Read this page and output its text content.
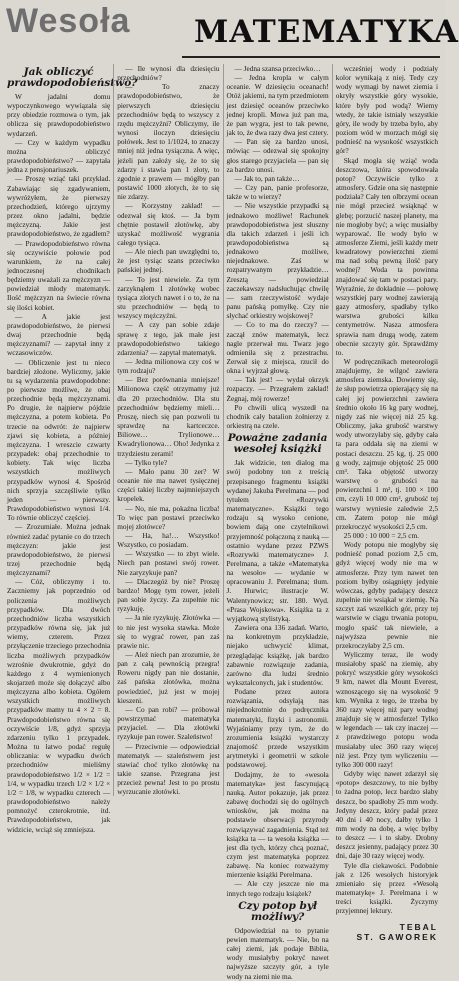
Wesoła MATEMATYKA
Jak obliczyć prawdopodobieństwo?

W jadalni domu wypoczynkowego wywiązała się przy obiedzie rozmowa o tym, jak oblicza się prawdopodobieństwo wydarzeń.

— Czy w każdym wypadku można obliczyć prawdopodobieństwo? — zapytała jedna z pensjonariuszek.

— Proszę wziąć taki przykład. Zabawiając się zgadywaniem, wywróżyłem, że pierwszy przechodzień, którego ujrzymy przez okno jadalni, będzie mężczyzną. Jakie jest prawdopodobieństwo, że zgadłem?

— Prawdopodobieństwo równa się oczywiście połowie pod warunkiem, że na całej jednoczesnej chodnikach będziemy uważali za mężczyzn — powiedział młody matematyk. Ilość mężczyzn na świecie równa się ilości kobiet.

— A jakie jest prawdopodobieństwo, że pierwsi dwaj przechodnie będą mężczyznami? — zapytał inny z wczasowiczów.

— Obliczenie jest tu nieco bardziej złożone. Wyliczmy, jakie tu są wydarzenia prawdopodobne: po pierwsze możliwe, że obaj przechodnie będą mężczyznami. Po drugie, że najpierw pójdzie mężczyzna, a potem kobieta. Po trzecie na odwrót: że najpierw zjawi się kobieta, a później mężczyzna. I wreszcie czwarty przypadek: obaj przechodnie to kobiety. Tak więc liczba wszystkich możliwych przypadków wynosi 4. Spośród nich sprzyja szczęśliwie tylko jeden — pierwszy. Prawdopodobieństwo wynosi 1/4. To równie obliczyć częściej.

— Zrozumiałe. Można jednak również zadać pytanie co do trzech mężczyzn: jakie jest prawdopodobieństwo, że pierwsi trzej przechodnie będą mężczyznami?

— Cóż, obliczymy i to. Zaczniemy jak poprzednio od policzenia możliwych przypadków. Dla dwóch przechodniów liczba wszystkich przypadków równa się, jak już wiemy, czterem. Przez przyłączenie trzeciego przechodnia liczba możliwych przypadków wzrośnie dwukrotnie, gdyż do każdego z 4 wymienionych skojarzeń może się dołączyć albo mężczyzna albo kobieta. Ogółem wszystkich możliwych przypadków mamy tu 4 × 2 = 8. Prawdopodobieństwo równa się oczywiście 1/8, gdyż sprzyja zdarzeniu tylko 1 przypadek. Można tu łatwo podać regułę obliczania: w wypadku dwóch przechodniów mieliśmy prawdopodobieństwo 1/2 × 1/2 = 1/4, w wypadku trzech 1/2 × 1/2 × 1/2 = 1/8, w wypadku czterech — prawdopodobieństwo należy pomnożyć czterokrotnie, itd. Prawdopodobieństwo, jak widzicie, wciąż się zmniejsza.

— Ile wynosi dla dziesięciu przechodniów?

— To znaczy prawdopodobieństwo, że pierwszych dziesięciu przechodniów będą to wszyscy z rzędu mężczyźni? Obliczymy, ile wynosi iloczyn dziesięciu połówek. Jest to 1/1024, to znaczy mniej niż jedna tysiączna. A więc, jeżeli pan założy się, że to się zdarzy i stawia pan 1 złoty, to zgodnie z prawem — mógłby pan postawić 1000 złotych, że to się nie zdarzy.

— Korzystny zakład! — odezwał się ktoś. — Ja bym chętnie postawił złotówkę, aby uzyskać możliwość wygrania całego tysiąca.

— Ale niech pan uwzględni to, że jest tysiąc szans przeciwko pańskiej jednej.

— To jest niewiele. Za tym zarzyknąłem 1 złotówkę wobec tysiąca złotych nawet i o to, że na stu przechodniów — będą to wszyscy mężczyźni.

— A czy pan sobie zdaje sprawę z tego, jak małe jest prawdopodobieństwo takiego zdarzenia? — zapytał matematyk.

— Jedna milionowa czy coś w tym rodzaju?

— Bez porównania mniejsze! Milionowa część otrzymamy już dla 20 przechodniów. Dla stu przechodniów będziemy mieli… Proszę, niech się pan pozwoli tu sprawdzę na kartceczce. Biliowe… Trylionowe… Kwadrylionowa… Oho! Jedynka z trzydziestu zerami!

— Tylko tyle?

— Mało panu 30 zer? W oceanie nie ma nawet tysięcznej części takiej liczby najmniejszych kropelek.

— No, nie ma, pokaźna liczba! To więc pan postawi przeciwko mojej złotówce?

— Ha, ha!… Wszystko! Wszystko, co posiadam.

— Wszystko — to zbyt wiele. Niech pan postawi swój rower. Nie zaryzykuje pan?

— Dlaczegóż by nie? Proszę bardzo! Mogę tym rower, jeżeli pan sobie życzy. Za zupełnie nic ryzykuję.

— Ja nie ryzykuję. Złotówka — to nie jest wysoka stawka. Może się to wygrać rower, pan zaś prawie nic.

— Ależ niech pan zrozumie, że pan z całą pewnością przegra! Roweru nigdy pan nie dostanie, zaś pańska złotówka, można powiedzieć, już jest w mojej kieszeni.

— Co pan robi? — próbował powstrzymać matematyka przyjaciel. — Dla złotówki ryzykuje pan rower. Szaleństwo!

— Przeciwnie — odpowiedział matematyk — szaleństwem jest stawiać choć tylko złotówkę na takie szanse. Przegrana jest przecież pewna! Jest to po prostu wyrzucanie złotówki.

— Jedna szansa przeciwko…

— Jedna kropla w całym oceanie. W dziesięciu oceanach! Otóż jakiemi, na tym przedmiotem jest dziesięć oceanów przeciwko jednej kropli. Mowa już pan ma, że pan wygra, jest to tak pewne, jak to, że dwa razy dwa jest cztery.

— Pan się za bardzo unosi, mówiąc — odezwał się spokojny głos starego przyjaciela — pan się za bardzo unosi.

— Jak to, pan także…

— Czy pan, panie profesorze, także w to wierzy?

— Nie wszystkie przypadki są jednakowo możliwe! Rachunek prawdopodobieństwa jest słuszny dla takich zdarzeń i jeśli ich prawdopodobieństwa są jednakowo możliwe, niejednakowe. Zaś w rozpatrywanym przykładzie… Zresztą — powiedział zaczekawszy nadsłuchując chwilę — sam rzeczywistość wydaje panu pańską pomyłkę. Czy nie słychać orkiestry wojskowej?

— Co to ma do rzeczy? — zaczął znów matematyk, lecz nagle przerwał mu. Twarz jego odmieniła się z przestrachu. Zerwał się z miejsca, rzucił do okna i wyjrzał głową.

— Tak jest! — wydał okrzyk rozpaczy. — Przegrałem zakład! Żegnaj, mój rowerze!

Po chwili ulicą wyszedł na chodnik cały batalion żołnierzy z orkiestrą na czele.

Poważne zadania wesołej książki

Jak widzicie, ten dialog ma swój podobny ton z treścią przepisanego fragmentu książki wydanej Jakuba Perelmana — pod tytułem «Rozrywki matematyczne». Książki tego rodzaju są wysoko cenione, bowiem dają one czytelnikowi przyjemność połączoną z nauką — ostatnio wydane przez PZWS «Rozrywki matematyczne» J. Perelmana, a także «Matematyka na wesoło» — wydanie w opracowaniu J. Perelmana; tłum. J. Hurwic; ilustracje W. Walentynowicz; str. 180. Wyd. «Prasa Wojskowa». Książka ta z wyjątkową stylistyką.

Zawiera ona 136 zadań. Warto, na konkretnym przykładzie, niejako uchwycić klimat, przeglądając książkę, jak bardzo zabawnie rozwiązuje zadania, zarówno dla ludzi średnio wykształconych, jak i studentów.

Podane przez autora rozwiązania, odsyłają nas niejednokrotnie do podręcznika matematyki, fizyki i astronomii. Wyjaśniamy przy tym, że do zrozumienia książki wystarczy znajomość przede wszystkim arytmetyki i geometrii w szkole podstawowej.

Dodajmy, że to «wesoła matematyka» jest fascynującą nauką. Autor pokazuje, jak przez zabawę dochodzi się do ogólnych wniosków, jak można na podstawie obserwacji przyrody rozwiązywać zagadnienia. Stąd też książka ta — ta wesoła książka — jest dla tych, którzy chcą poznać, czym jest matematyka poprzez zabawę. Na koniec rozważymy mierzenie książki Perelmana.

— Ale czy jeszcze nie ma innych tego rodzaju książek?

Czy potop był możliwy?

Odpowiedział na to pytanie pewien matematyk. — Nie, bo na całej ziemi, jak podaje Biblia, wody musiałyby pokryć nawet najwyższe szczyty gór, a tyle wody na ziemi nie ma.

wcześniej wody i podziały kolor wynikają z niej. Tedy czy wody wymagi by nawet ziemia i okryły wszystkie góry wysokie, które były pod wodą? Wiemy wtedy, że takie istniały wszystkie góry, ile wody by trzeba było, aby poziom wód w morzach mógł się podnieść na wysokość wszystkich gór?

Skąd mogła się wziąć woda deszczowa, która spowodowała potop? Oczywiście tylko z atmosfery. Gdzie ona się następnie podziała? Cały ten olbrzymi ocean nie mógł przecież wsiąknąć w glebę; porzucić naszej planety, ma nie mogłoby być; a więc musiałby wyparować. Ile wody było w atmosferze Ziemi, jeśli każdy metr kwadratowy powierzchni ziemi ma nad sobą pewną ilość pary wodnej? Woda ta powinna znajdować się tam w postaci pary. Wyraźnie, że dokładnie — połowę wszystkiej pary wodnej zawierają gazy atmosfery, spadłaby tylko warstwa grubości kilku centymetrów. Nasza atmosfera sprawia nam drugą wodę, zatem obecnie szczyty gór. Sprawdźmy to.

W podręcznikach meteorologii znajdujemy, że wilgoć zawiera atmosfera ziemska. Dowiemy się, że słup powietrza opierający się na całej jej powierzchni zawiera średnio około 16 kg pary wodnej, nigdy zaś nie więcej niż 25 kg. Obliczmy, jaka grubość warstwy wody utworzyłaby się, gdyby cała ta para oddała się na ziemi w postaci deszczu. 25 kg, tj. 25 000 g wody, zajmuje objętość 25 000 cm³. Taka objętość utworzy warstwę o grubości na powierzchni 1 m², tj. 100 × 100 cm, czyli 10 000 cm², grubość tej warstwy wyniesie zaledwie 2,5 cm. Zatem potop nie mógł przekroczyć wysokości 2,5 cm.

25 000 : 10 000 = 2,5 cm.

Wody potopu nie mogłyby się podnieść ponad poziom 2,5 cm, gdyż więcej wody nie ma w atmosferze. Przy tym nawet ten poziom byłby osiągnięty jedynie wówczas, gdyby padający deszcz zupełnie nie wsiąkał w ziemię. Na szczyt zaś wszelkich gór, przy tej warstwie w ciągu trwania potopu, mogło spaść tak niewiele, a najwyższa pewnie nie przekroczyłaby 2,5 cm.

Wyliczmy teraz, ile wody musiałoby spaść na ziemię, aby pokryć wszystkie góry wysokości 9 km, nawet dla Mount Everest, wznoszącego się na wysokość 9 km. Wynika z tego, że trzeba by 360 razy więcej niż pary wodnej znajduje się w atmosferze! Tylko w legendach — tak czy inaczej — z prawdziwego potopu woda musiałaby ulec 360 razy więcej niż jest. Przy tym wyliczeniu — tylko 300 000 razy!

Gdyby więc nawet zdarzył się «potop» deszczowy, to nie byłby to żadna potop, lecz bardzo słaby deszcz, bo spadłoby 25 mm wody. Jedyny deszcz, który padał przez 40 dni i 40 nocy, dałby tylko 1 mm wody na dobę, a więc byłby to deszcz — i to słaby. Drobny deszcz jesienny, padający przez 30 dni, daje 30 razy więcej wody.

Tyle dla ciekawości. Podobnie jak z 126 wesołych historyjek zmieniało się przez «Wesołą matematykę» J. Perelmana i w treści książki. Życzymy przyjemnej lektury.

TEBAL
ST. GAWOREK
